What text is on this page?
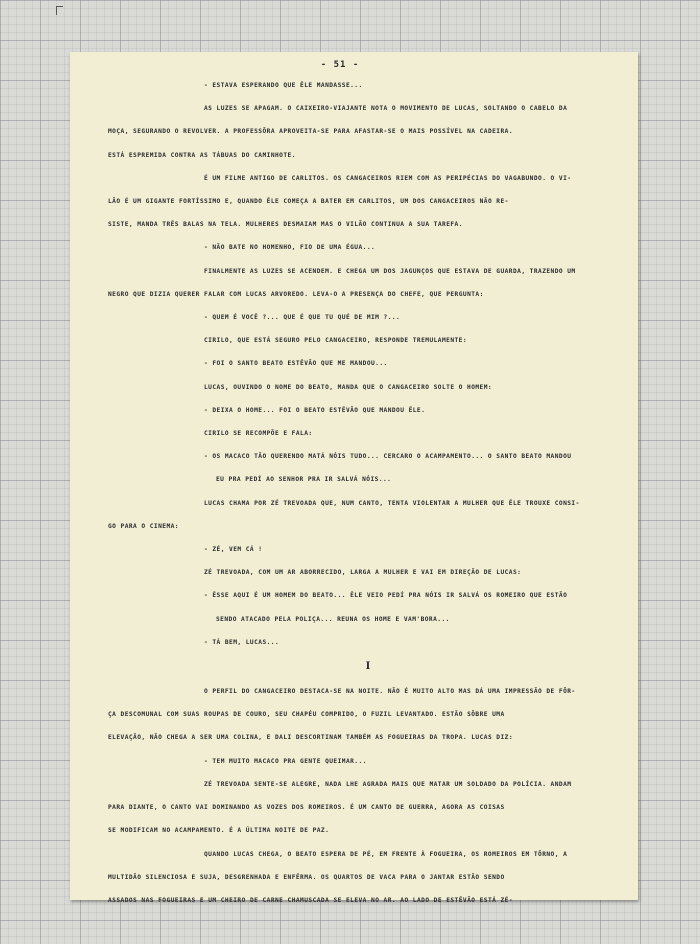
- 51 -
- ESTAVA ESPERANDO QUE ÊLE MANDASSE...
AS LUZES SE APAGAM. O CAIXEIRO-VIAJANTE NOTA O MOVIMENTO DE LUCAS, SOLTANDO O CABELO DA
MOÇA, SEGURANDO O REVOLVER. A PROFESSÔRA APROVEITA-SE PARA AFASTAR-SE O MAIS POSSÍVEL NA CADEIRA.
ESTÁ ESPREMIDA CONTRA AS TÁBUAS DO CAMINHOTE.
É UM FILME ANTIGO DE CARLITOS. OS CANGACEIROS RIEM COM AS PERIPÉCIAS DO VAGABUNDO. O VI-
LÃO É UM GIGANTE FORTÍSSIMO E, QUANDO ÊLE COMEÇA A BATER EM CARLITOS, UM DOS CANGACEIROS NÃO RE-
SISTE, MANDA TRÊS BALAS NA TELA. MULHERES DESMAIAM MAS O VILÃO CONTINUA A SUA TAREFA.
- NÃO BATE NO HOMENHO, FIO DE UMA ÉGUA...
FINALMENTE AS LUZES SE ACENDEM. E CHEGA UM DOS JAGUNÇOS QUE ESTAVA DE GUARDA, TRAZENDO UM
NEGRO QUE DIZIA QUERER FALAR COM LUCAS ARVOREDO. LEVA-O A PRESENÇA DO CHEFE, QUE PERGUNTA:
- QUEM É VOCÊ ?... QUE É QUE TU QUÉ DE MIM ?...
CIRILO, QUE ESTÁ SEGURO PELO CANGACEIRO, RESPONDE TREMULAMENTE:
- FOI O SANTO BEATO ESTÊVÃO QUE ME MANDOU...
LUCAS, OUVINDO O NOME DO BEATO, MANDA QUE O CANGACEIRO SOLTE O HOMEM:
- DEIXA O HOME... FOI O BEATO ESTÊVÃO QUE MANDOU ÊLE.
CIRILO SE RECOMPÕE E FALA:
- OS MACACO TÃO QUERENDO MATÁ NÓIS TUDO... CERCARO O ACAMPAMENTO... O SANTO BEATO MANDOU
EU PRA PEDÍ AO SENHOR PRA IR SALVÁ NÓIS...
LUCAS CHAMA POR ZÉ TREVOADA QUE, NUM CANTO, TENTA VIOLENTAR A MULHER QUE ÊLE TROUXE CONSI-
GO PARA O CINEMA:
- ZÉ, VEM CÁ !
ZÉ TREVOADA, COM UM AR ABORRECIDO, LARGA A MULHER E VAI EM DIREÇÃO DE LUCAS:
- ÊSSE AQUI É UM HOMEM DO BEATO... ÊLE VEIO PEDÍ PRA NÓIS IR SALVÁ OS ROMEIRO QUE ESTÃO
SENDO ATACADO PELA POLIÇA... REUNA OS HOME E VAM'BORA...
- TÁ BEM, LUCAS...
I
O PERFIL DO CANGACEIRO DESTACA-SE NA NOITE. NÃO É MUITO ALTO MAS DÁ UMA IMPRESSÃO DE FÔR-
ÇA DESCOMUNAL COM SUAS ROUPAS DE COURO, SEU CHAPÉU COMPRIDO, O FUZIL LEVANTADO. ESTÃO SÔBRE UMA
ELEVAÇÃO, NÃO CHEGA A SER UMA COLINA, E DALI DESCORTINAM TAMBÉM AS FOGUEIRAS DA TROPA. LUCAS DIZ:
- TEM MUITO MACACO PRA GENTE QUEIMAR...
ZÉ TREVOADA SENTE-SE ALEGRE, NADA LHE AGRADA MAIS QUE MATAR UM SOLDADO DA POLÍCIA. ANDAM
PARA DIANTE, O CANTO VAI DOMINANDO AS VOZES DOS ROMEIROS. É UM CANTO DE GUERRA, AGORA AS COISAS
SE MODIFICAM NO ACAMPAMENTO. É A ÚLTIMA NOITE DE PAZ.
QUANDO LUCAS CHEGA, O BEATO ESPERA DE PÉ, EM FRENTE À FOGUEIRA, OS ROMEIROS EM TÔRNO, A
MULTIDÃO SILENCIOSA E SUJA, DESGRENHADA E ENFÊRMA. OS QUARTOS DE VACA PARA O JANTAR ESTÃO SENDO
ASSADOS NAS FOGUEIRAS E UM CHEIRO DE CARNE CHAMUSCADA SE ELEVA NO AR. AO LADO DE ESTÊVÃO ESTÁ ZÉ-
